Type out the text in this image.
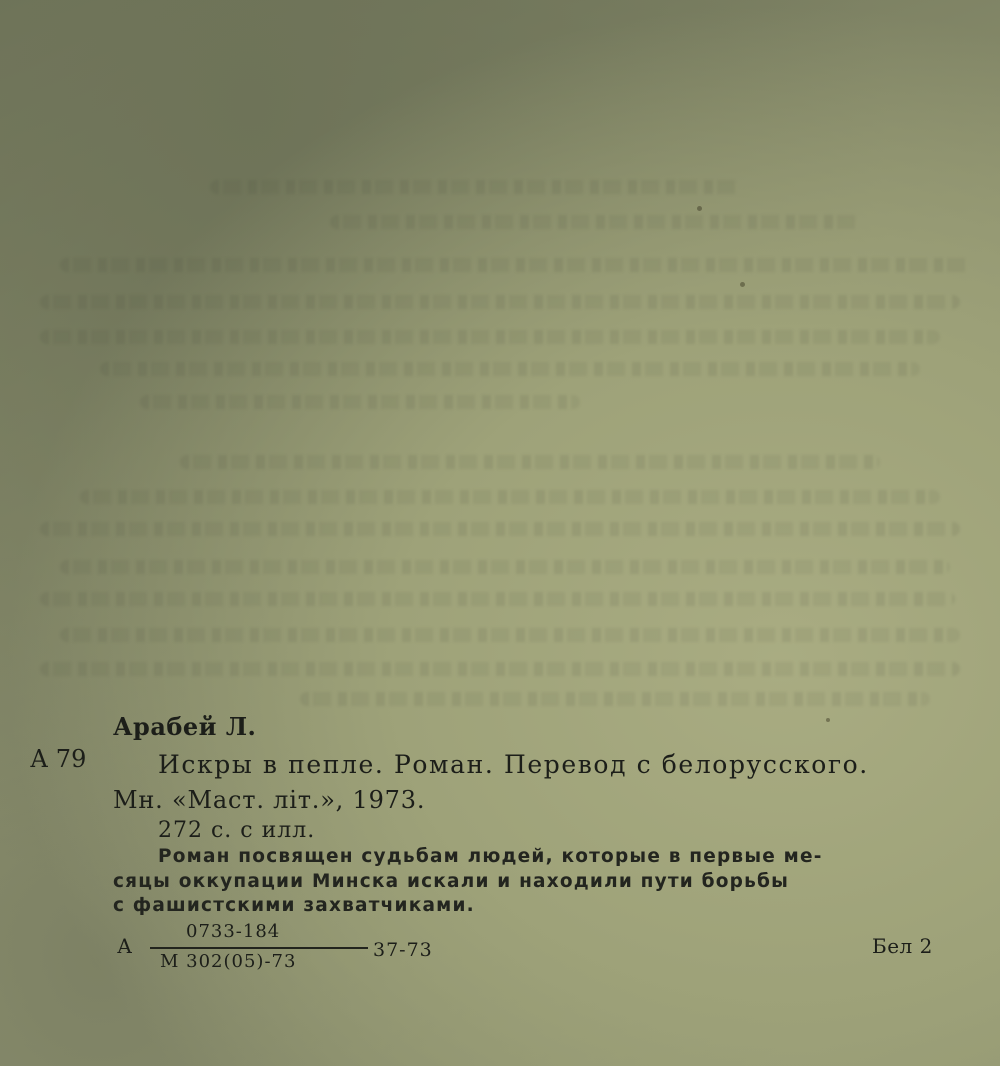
Арабей Л.
А 79	Искры в пепле. Роман. Перевод с белорусского.
Мн. «Маст. літ.», 1973.
272 с. с илл.
Роман посвящен судьбам людей, которые в первые ме-
сяцы оккупации Минска искали и находили пути борьбы
с фашистскими захватчиками.
А
0733-184
М 302(05)-73
37-73	Бел 2
